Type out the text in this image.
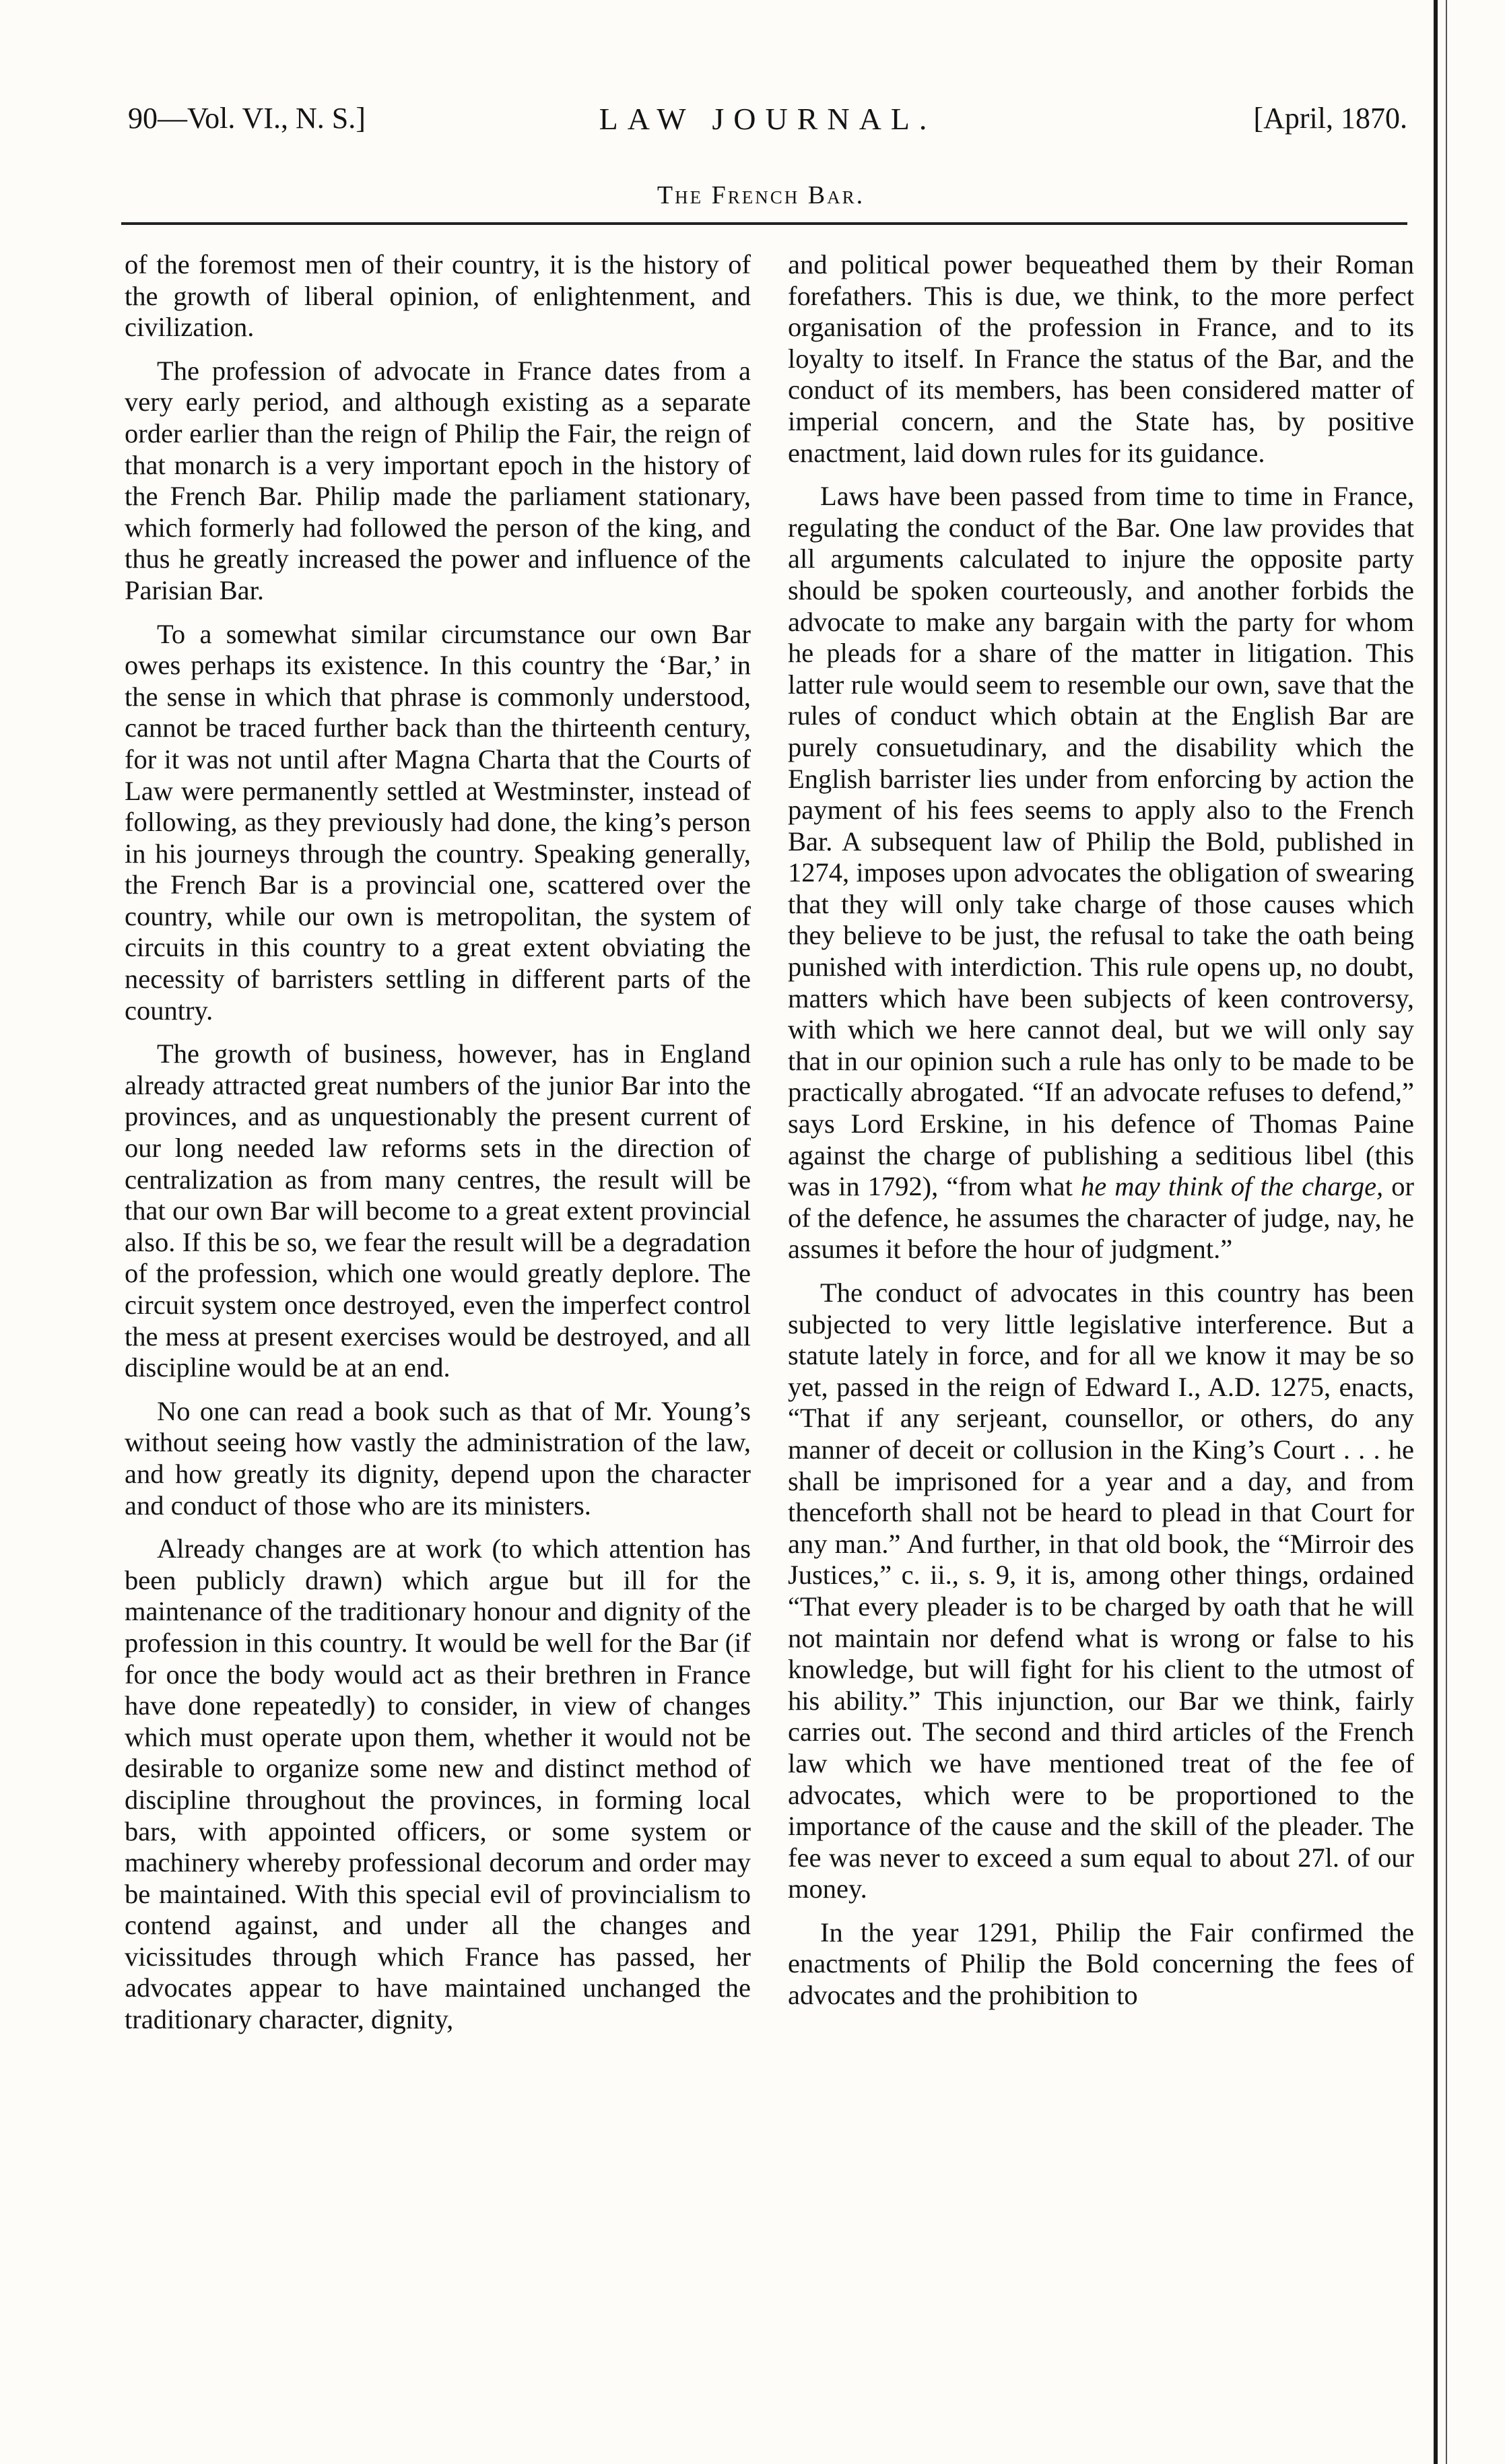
90—Vol. VI., N. S.]	LAW JOURNAL.	[April, 1870.
The French Bar.

of the foremost men of their country, it is the history of the growth of liberal opinion, of enlightenment, and civilization.

The profession of advocate in France dates from a very early period, and although existing as a separate order earlier than the reign of Philip the Fair, the reign of that monarch is a very important epoch in the history of the French Bar. Philip made the parliament stationary, which formerly had followed the person of the king, and thus he greatly increased the power and influence of the Parisian Bar.

To a somewhat similar circumstance our own Bar owes perhaps its existence. In this country the ‘Bar,’ in the sense in which that phrase is commonly understood, cannot be traced further back than the thirteenth century, for it was not until after Magna Charta that the Courts of Law were permanently settled at Westminster, instead of following, as they previously had done, the king’s person in his journeys through the country. Speaking generally, the French Bar is a provincial one, scattered over the country, while our own is metropolitan, the system of circuits in this country to a great extent obviating the necessity of barristers settling in different parts of the country.

The growth of business, however, has in England already attracted great numbers of the junior Bar into the provinces, and as unquestionably the present current of our long needed law reforms sets in the direction of centralization as from many centres, the result will be that our own Bar will become to a great extent provincial also. If this be so, we fear the result will be a degradation of the profession, which one would greatly deplore. The circuit system once destroyed, even the imperfect control the mess at present exercises would be destroyed, and all discipline would be at an end.

No one can read a book such as that of Mr. Young’s without seeing how vastly the administration of the law, and how greatly its dignity, depend upon the character and conduct of those who are its ministers.

Already changes are at work (to which attention has been publicly drawn) which argue but ill for the maintenance of the traditionary honour and dignity of the profession in this country. It would be well for the Bar (if for once the body would act as their brethren in France have done repeatedly) to consider, in view of changes which must operate upon them, whether it would not be desirable to organize some new and distinct method of discipline throughout the provinces, in forming local bars, with appointed officers, or some system or machinery whereby professional decorum and order may be maintained. With this special evil of provincialism to contend against, and under all the changes and vicissitudes through which France has passed, her advocates appear to have maintained unchanged the traditionary character, dignity,

and political power bequeathed them by their Roman forefathers. This is due, we think, to the more perfect organisation of the profession in France, and to its loyalty to itself. In France the status of the Bar, and the conduct of its members, has been considered matter of imperial concern, and the State has, by positive enactment, laid down rules for its guidance.

Laws have been passed from time to time in France, regulating the conduct of the Bar. One law provides that all arguments calculated to injure the opposite party should be spoken courteously, and another forbids the advocate to make any bargain with the party for whom he pleads for a share of the matter in litigation. This latter rule would seem to resemble our own, save that the rules of conduct which obtain at the English Bar are purely consuetudinary, and the disability which the English barrister lies under from enforcing by action the payment of his fees seems to apply also to the French Bar. A subsequent law of Philip the Bold, published in 1274, imposes upon advocates the obligation of swearing that they will only take charge of those causes which they believe to be just, the refusal to take the oath being punished with interdiction. This rule opens up, no doubt, matters which have been subjects of keen controversy, with which we here cannot deal, but we will only say that in our opinion such a rule has only to be made to be practically abrogated. “If an advocate refuses to defend,” says Lord Erskine, in his defence of Thomas Paine against the charge of publishing a seditious libel (this was in 1792), “from what he may think of the charge, or of the defence, he assumes the character of judge, nay, he assumes it before the hour of judgment.”

The conduct of advocates in this country has been subjected to very little legislative interference. But a statute lately in force, and for all we know it may be so yet, passed in the reign of Edward I., A.D. 1275, enacts, “That if any serjeant, counsellor, or others, do any manner of deceit or collusion in the King’s Court . . . he shall be imprisoned for a year and a day, and from thenceforth shall not be heard to plead in that Court for any man.” And further, in that old book, the “Mirroir des Justices,” c. ii., s. 9, it is, among other things, ordained “That every pleader is to be charged by oath that he will not maintain nor defend what is wrong or false to his knowledge, but will fight for his client to the utmost of his ability.” This injunction, our Bar we think, fairly carries out. The second and third articles of the French law which we have mentioned treat of the fee of advocates, which were to be proportioned to the importance of the cause and the skill of the pleader. The fee was never to exceed a sum equal to about 27l. of our money.

In the year 1291, Philip the Fair confirmed the enactments of Philip the Bold concerning the fees of advocates and the prohibition to
